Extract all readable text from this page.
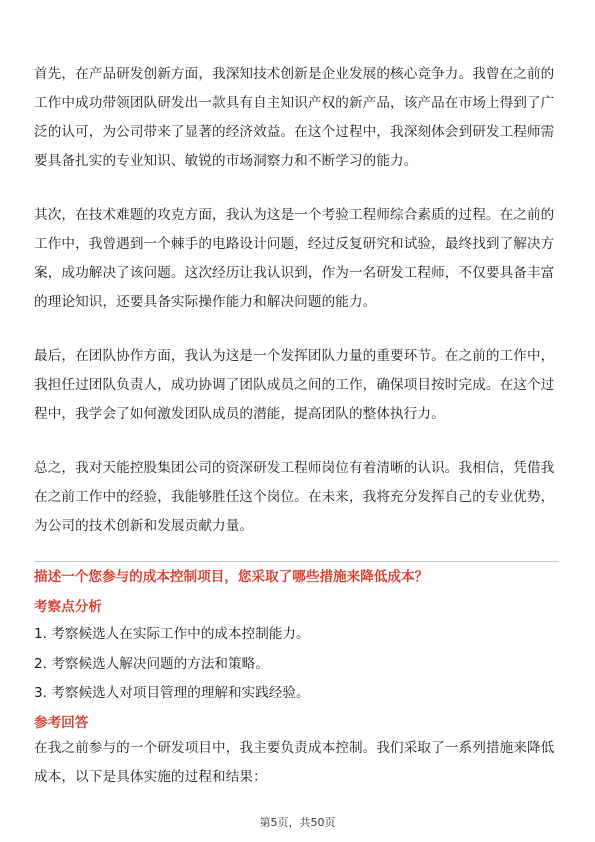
首先，在产品研发创新方面，我深知技术创新是企业发展的核心竞争力。我曾在之前的工作中成功带领团队研发出一款具有自主知识产权的新产品，该产品在市场上得到了广泛的认可，为公司带来了显著的经济效益。在这个过程中，我深刻体会到研发工程师需要具备扎实的专业知识、敏锐的市场洞察力和不断学习的能力。

其次，在技术难题的攻克方面，我认为这是一个考验工程师综合素质的过程。在之前的工作中，我曾遇到一个棘手的电路设计问题，经过反复研究和试验，最终找到了解决方案，成功解决了该问题。这次经历让我认识到，作为一名研发工程师，不仅要具备丰富的理论知识，还要具备实际操作能力和解决问题的能力。

最后，在团队协作方面，我认为这是一个发挥团队力量的重要环节。在之前的工作中，我担任过团队负责人，成功协调了团队成员之间的工作，确保项目按时完成。在这个过程中，我学会了如何激发团队成员的潜能，提高团队的整体执行力。

总之，我对天能控股集团公司的资深研发工程师岗位有着清晰的认识。我相信，凭借我在之前工作中的经验，我能够胜任这个岗位。在未来，我将充分发挥自己的专业优势，为公司的技术创新和发展贡献力量。

描述一个您参与的成本控制项目，您采取了哪些措施来降低成本？

考察点分析

1. 考察候选人在实际工作中的成本控制能力。

2. 考察候选人解决问题的方法和策略。

3. 考察候选人对项目管理的理解和实践经验。

参考回答

在我之前参与的一个研发项目中，我主要负责成本控制。我们采取了一系列措施来降低成本，以下是具体实施的过程和结果：

第5页，共50页
